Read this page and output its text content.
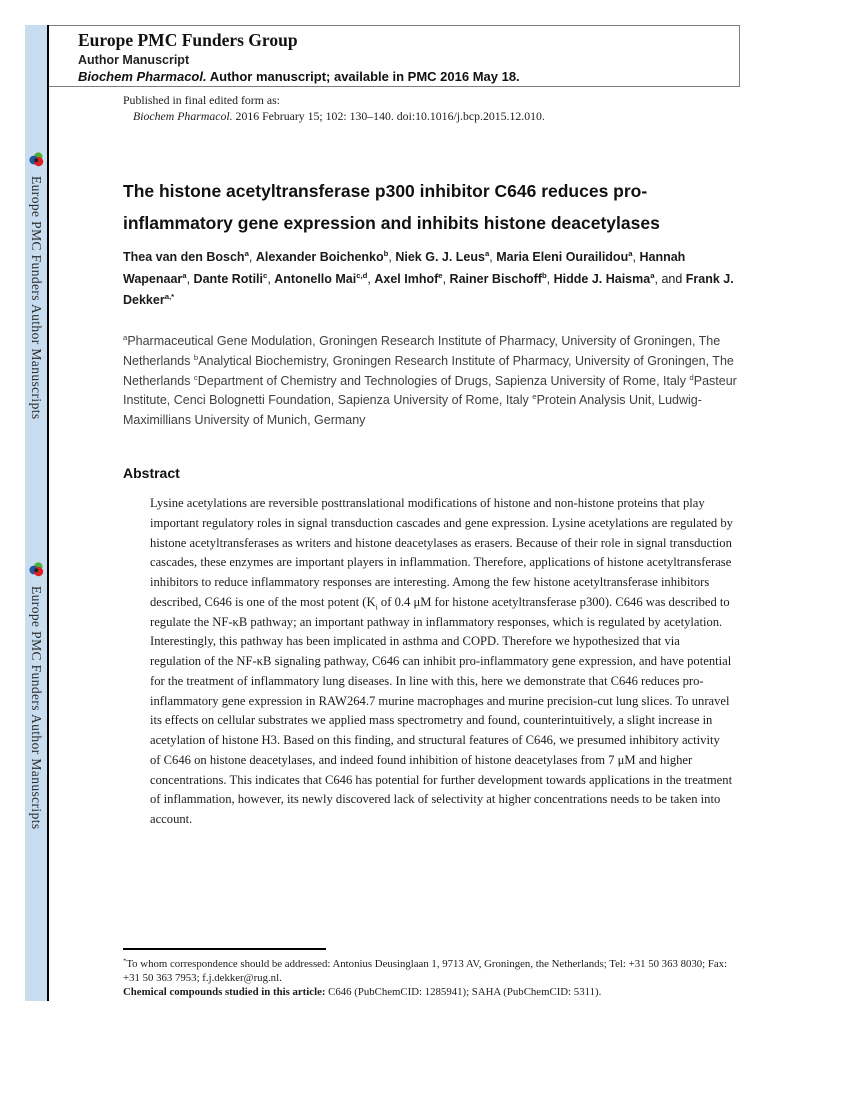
Europe PMC Funders Author Manuscripts
Europe PMC Funders Author Manuscripts
Europe PMC Funders Group
Author Manuscript
Biochem Pharmacol. Author manuscript; available in PMC 2016 May 18.
Published in final edited form as:
Biochem Pharmacol. 2016 February 15; 102: 130–140. doi:10.1016/j.bcp.2015.12.010.
The histone acetyltransferase p300 inhibitor C646 reduces pro-
inflammatory gene expression and inhibits histone deacetylases
Thea van den Bosch$^a$, Alexander Boichenko$^b$, Niek G. J. Leus$^a$, Maria Eleni Ourailidou$^a$, Hannah Wapenaar$^a$, Dante Rotili$^c$, Antonello Mai$^{c,d}$, Axel Imhof$^e$, Rainer Bischoff$^b$, Hidde J. Haisma$^a$, and Frank J. Dekker$^{a,*}$
$^a$Pharmaceutical Gene Modulation, Groningen Research Institute of Pharmacy, University of Groningen, The Netherlands $^b$Analytical Biochemistry, Groningen Research Institute of Pharmacy, University of Groningen, The Netherlands $^c$Department of Chemistry and Technologies of Drugs, Sapienza University of Rome, Italy $^d$Pasteur Institute, Cenci Bolognetti Foundation, Sapienza University of Rome, Italy $^e$Protein Analysis Unit, Ludwig-Maximillians University of Munich, Germany
Abstract
Lysine acetylations are reversible posttranslational modifications of histone and non-histone proteins that play important regulatory roles in signal transduction cascades and gene expression. Lysine acetylations are regulated by histone acetyltransferases as writers and histone deacetylases as erasers. Because of their role in signal transduction cascades, these enzymes are important players in inflammation. Therefore, applications of histone acetyltransferase inhibitors to reduce inflammatory responses are interesting. Among the few histone acetyltransferase inhibitors described, C646 is one of the most potent ($K_i$ of 0.4 μM for histone acetyltransferase p300). C646 was described to regulate the NF-κB pathway; an important pathway in inflammatory responses, which is regulated by acetylation. Interestingly, this pathway has been implicated in asthma and COPD. Therefore we hypothesized that via regulation of the NF-κB signaling pathway, C646 can inhibit pro-inflammatory gene expression, and have potential for the treatment of inflammatory lung diseases. In line with this, here we demonstrate that C646 reduces pro-inflammatory gene expression in RAW264.7 murine macrophages and murine precision-cut lung slices. To unravel its effects on cellular substrates we applied mass spectrometry and found, counterintuitively, a slight increase in acetylation of histone H3. Based on this finding, and structural features of C646, we presumed inhibitory activity of C646 on histone deacetylases, and indeed found inhibition of histone deacetylases from 7 μM and higher concentrations. This indicates that C646 has potential for further development towards applications in the treatment of inflammation, however, its newly discovered lack of selectivity at higher concentrations needs to be taken into account.

*To whom correspondence should be addressed: Antonius Deusinglaan 1, 9713 AV, Groningen, the Netherlands; Tel: +31 50 363 8030; Fax: +31 50 363 7953; f.j.dekker@rug.nl.

Chemical compounds studied in this article: C646 (PubChemCID: 1285941); SAHA (PubChemCID: 5311).
